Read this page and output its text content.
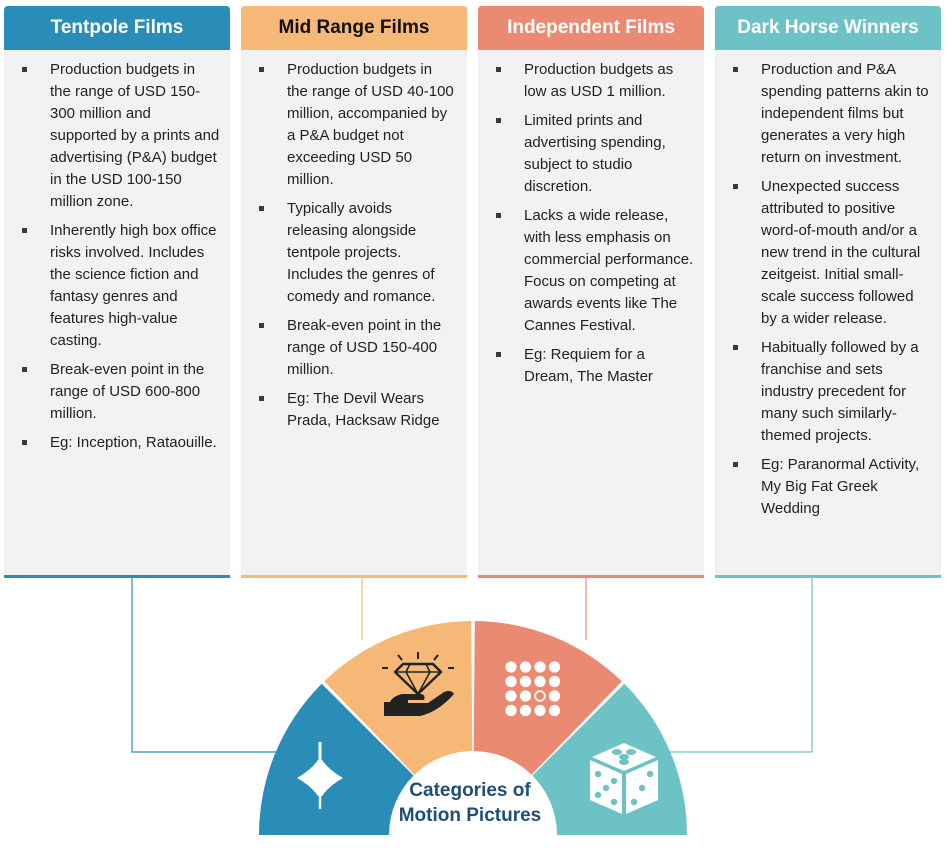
Categories of
Motion Pictures
Tentpole Films
Production budgets in the range of USD 150-300 million and supported by a prints and advertising (P&A) budget in the USD 100-150 million zone.
Inherently high box office risks involved. Includes the science fiction and fantasy genres and features high-value casting.
Break-even point in the range of USD 600-800 million.
Eg: Inception, Rataouille.
Mid Range Films
Production budgets in the range of USD 40-100 million, accompanied by a P&A budget not exceeding USD 50 million.
Typically avoids releasing alongside tentpole projects. Includes the genres of comedy and romance.
Break-even point in the range of USD 150-400 million.
Eg: The Devil Wears Prada, Hacksaw Ridge
Independent Films
Production budgets as low as USD 1 million.
Limited prints and advertising spending, subject to studio discretion.
Lacks a wide release, with less emphasis on commercial performance. Focus on competing at awards events like The Cannes Festival.
Eg: Requiem for a Dream, The Master
Dark Horse Winners
Production and P&A spending patterns akin to independent films but generates a very high return on investment.
Unexpected success attributed to positive word-of-mouth and/or a new trend in the cultural zeitgeist. Initial small-scale success followed by a wider release.
Habitually followed by a franchise and sets industry precedent for many such similarly-themed projects.
Eg: Paranormal Activity, My Big Fat Greek Wedding
